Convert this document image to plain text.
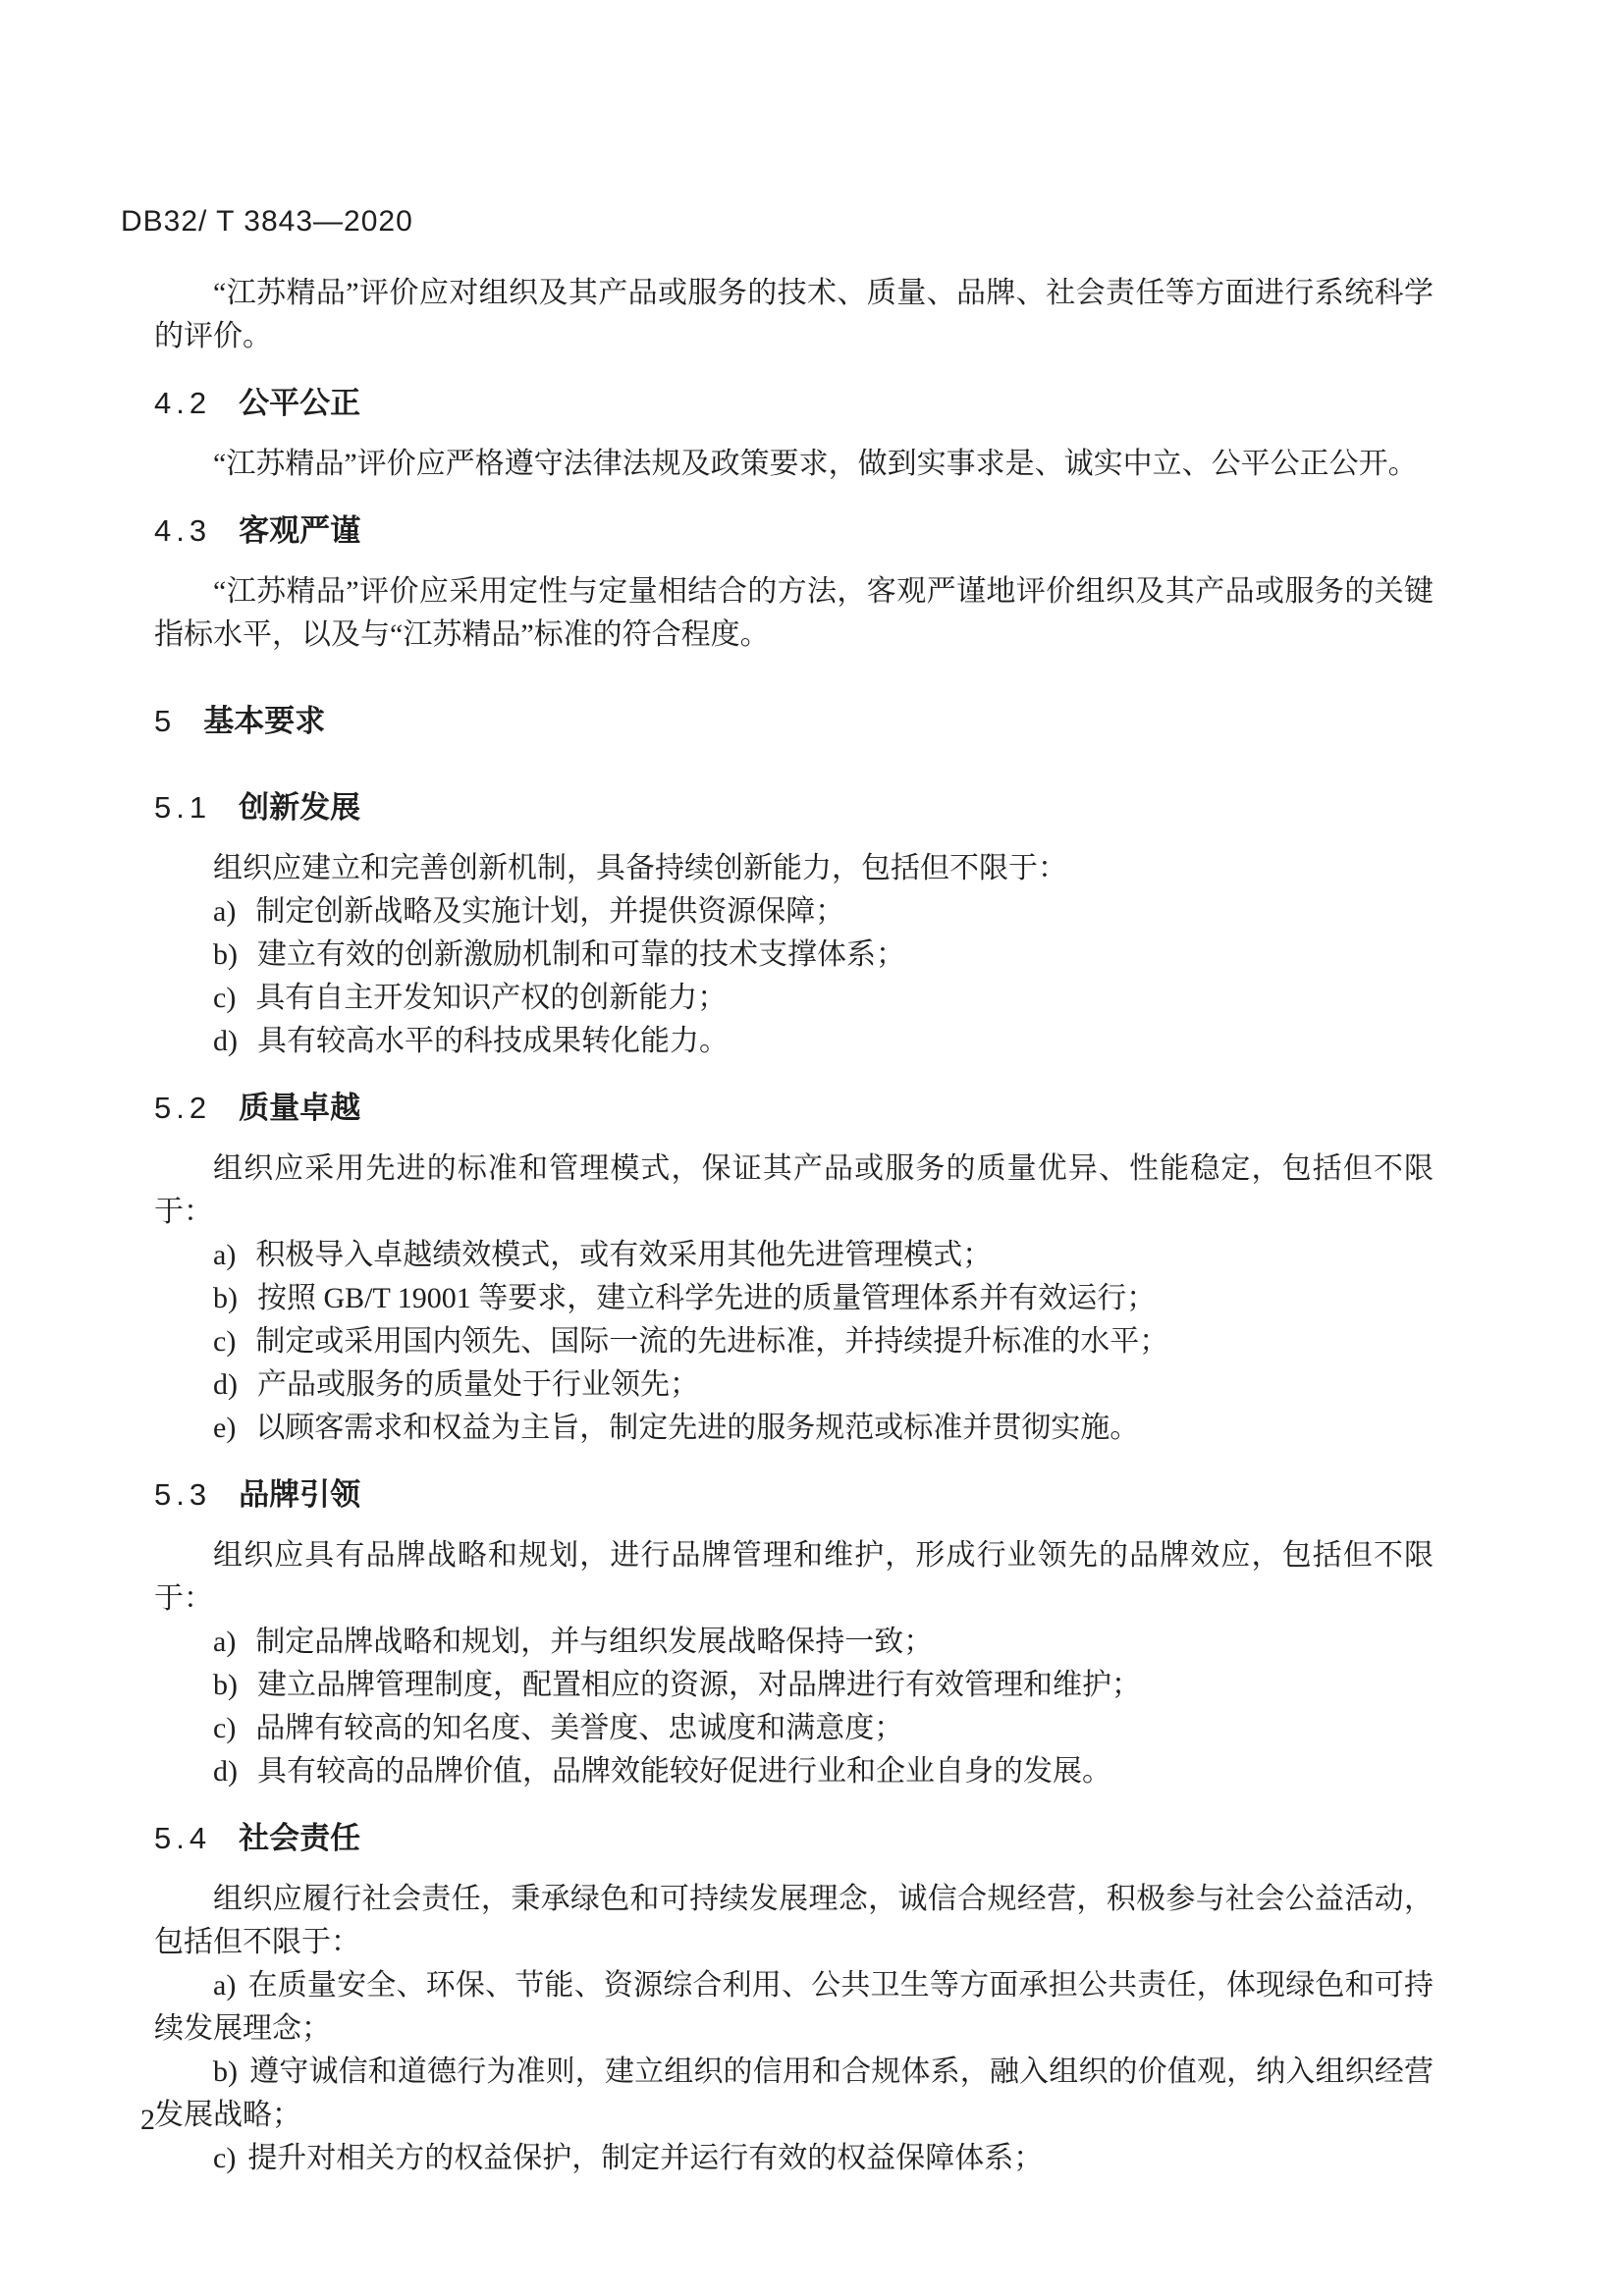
DB32/ T 3843—2020

“江苏精品”评价应对组织及其产品或服务的技术、质量、品牌、社会责任等方面进行系统科学的评价。

4.2 公平公正

“江苏精品”评价应严格遵守法律法规及政策要求，做到实事求是、诚实中立、公平公正公开。

4.3 客观严谨

“江苏精品”评价应采用定性与定量相结合的方法，客观严谨地评价组织及其产品或服务的关键指标水平，以及与“江苏精品”标准的符合程度。

5 基本要求
5.1 创新发展

组织应建立和完善创新机制，具备持续创新能力，包括但不限于：

a) 制定创新战略及实施计划，并提供资源保障；

b) 建立有效的创新激励机制和可靠的技术支撑体系；

c) 具有自主开发知识产权的创新能力；

d) 具有较高水平的科技成果转化能力。

5.2 质量卓越

组织应采用先进的标准和管理模式，保证其产品或服务的质量优异、性能稳定，包括但不限于：

a) 积极导入卓越绩效模式，或有效采用其他先进管理模式；

b) 按照 GB/T 19001 等要求，建立科学先进的质量管理体系并有效运行；

c) 制定或采用国内领先、国际一流的先进标准，并持续提升标准的水平；

d) 产品或服务的质量处于行业领先；

e) 以顾客需求和权益为主旨，制定先进的服务规范或标准并贯彻实施。

5.3 品牌引领

组织应具有品牌战略和规划，进行品牌管理和维护，形成行业领先的品牌效应，包括但不限于：

a) 制定品牌战略和规划，并与组织发展战略保持一致；

b) 建立品牌管理制度，配置相应的资源，对品牌进行有效管理和维护；

c) 品牌有较高的知名度、美誉度、忠诚度和满意度；

d) 具有较高的品牌价值，品牌效能较好促进行业和企业自身的发展。

5.4 社会责任

组织应履行社会责任，秉承绿色和可持续发展理念，诚信合规经营，积极参与社会公益活动，包括但不限于：

a) 在质量安全、环保、节能、资源综合利用、公共卫生等方面承担公共责任，体现绿色和可持续发展理念；

b) 遵守诚信和道德行为准则，建立组织的信用和合规体系，融入组织的价值观，纳入组织经营发展战略；

c) 提升对相关方的权益保护，制定并运行有效的权益保障体系；

2
